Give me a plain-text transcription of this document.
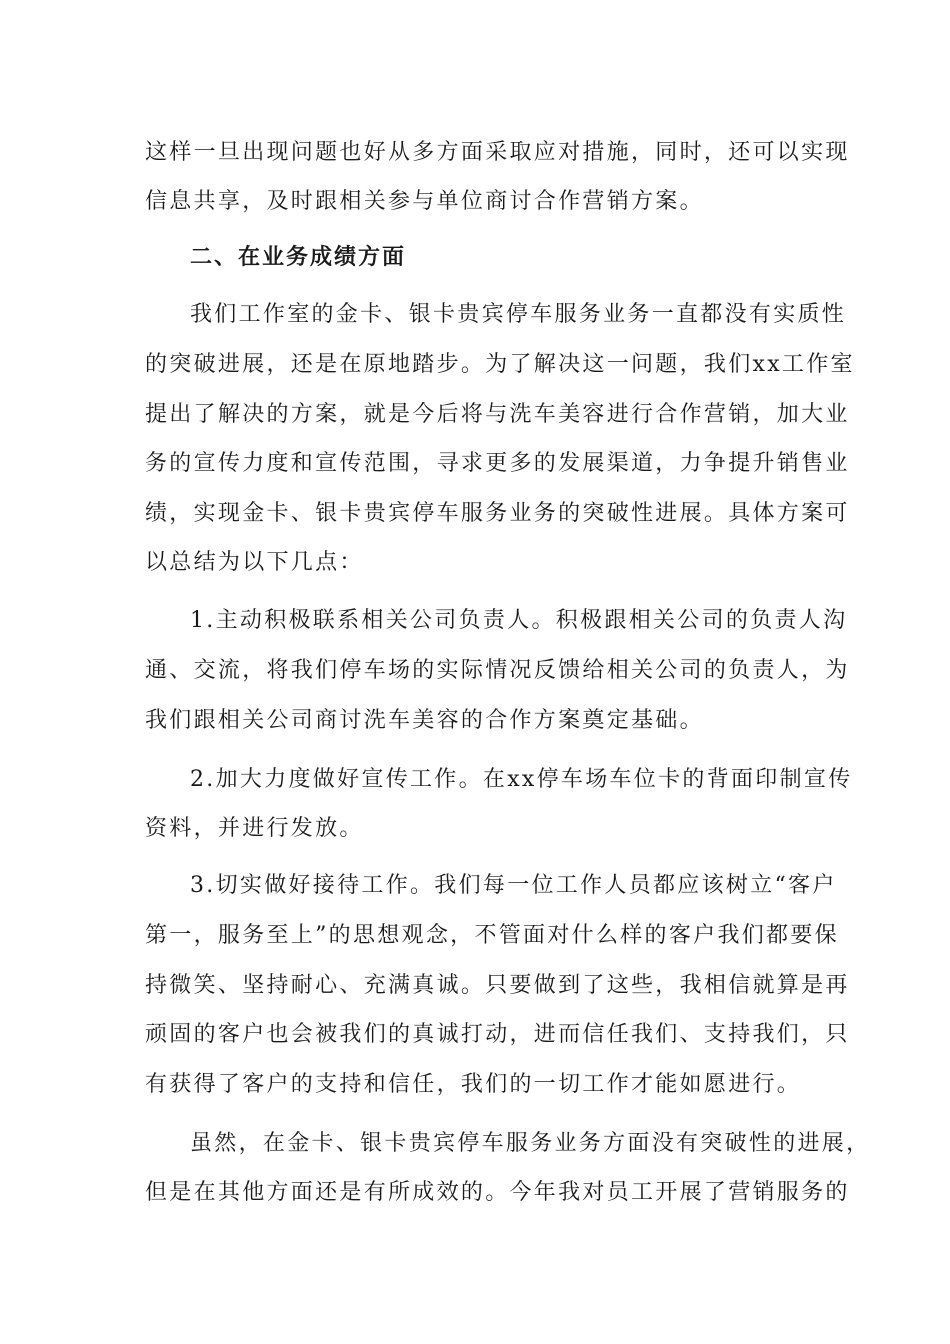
这样一旦出现问题也好从多方面采取应对措施，同时，还可以实现
信息共享，及时跟相关参与单位商讨合作营销方案。
二、在业务成绩方面
我们工作室的金卡、银卡贵宾停车服务业务一直都没有实质性
的突破进展，还是在原地踏步。为了解决这一问题，我们xx工作室
提出了解决的方案，就是今后将与洗车美容进行合作营销，加大业
务的宣传力度和宣传范围，寻求更多的发展渠道，力争提升销售业
绩，实现金卡、银卡贵宾停车服务业务的突破性进展。具体方案可
以总结为以下几点：
1.主动积极联系相关公司负责人。积极跟相关公司的负责人沟
通、交流，将我们停车场的实际情况反馈给相关公司的负责人，为
我们跟相关公司商讨洗车美容的合作方案奠定基础。
2.加大力度做好宣传工作。在xx停车场车位卡的背面印制宣传
资料，并进行发放。
3.切实做好接待工作。我们每一位工作人员都应该树立“客户
第一，服务至上”的思想观念，不管面对什么样的客户我们都要保
持微笑、坚持耐心、充满真诚。只要做到了这些，我相信就算是再
顽固的客户也会被我们的真诚打动，进而信任我们、支持我们，只
有获得了客户的支持和信任，我们的一切工作才能如愿进行。
虽然，在金卡、银卡贵宾停车服务业务方面没有突破性的进展，
但是在其他方面还是有所成效的。今年我对员工开展了营销服务的
